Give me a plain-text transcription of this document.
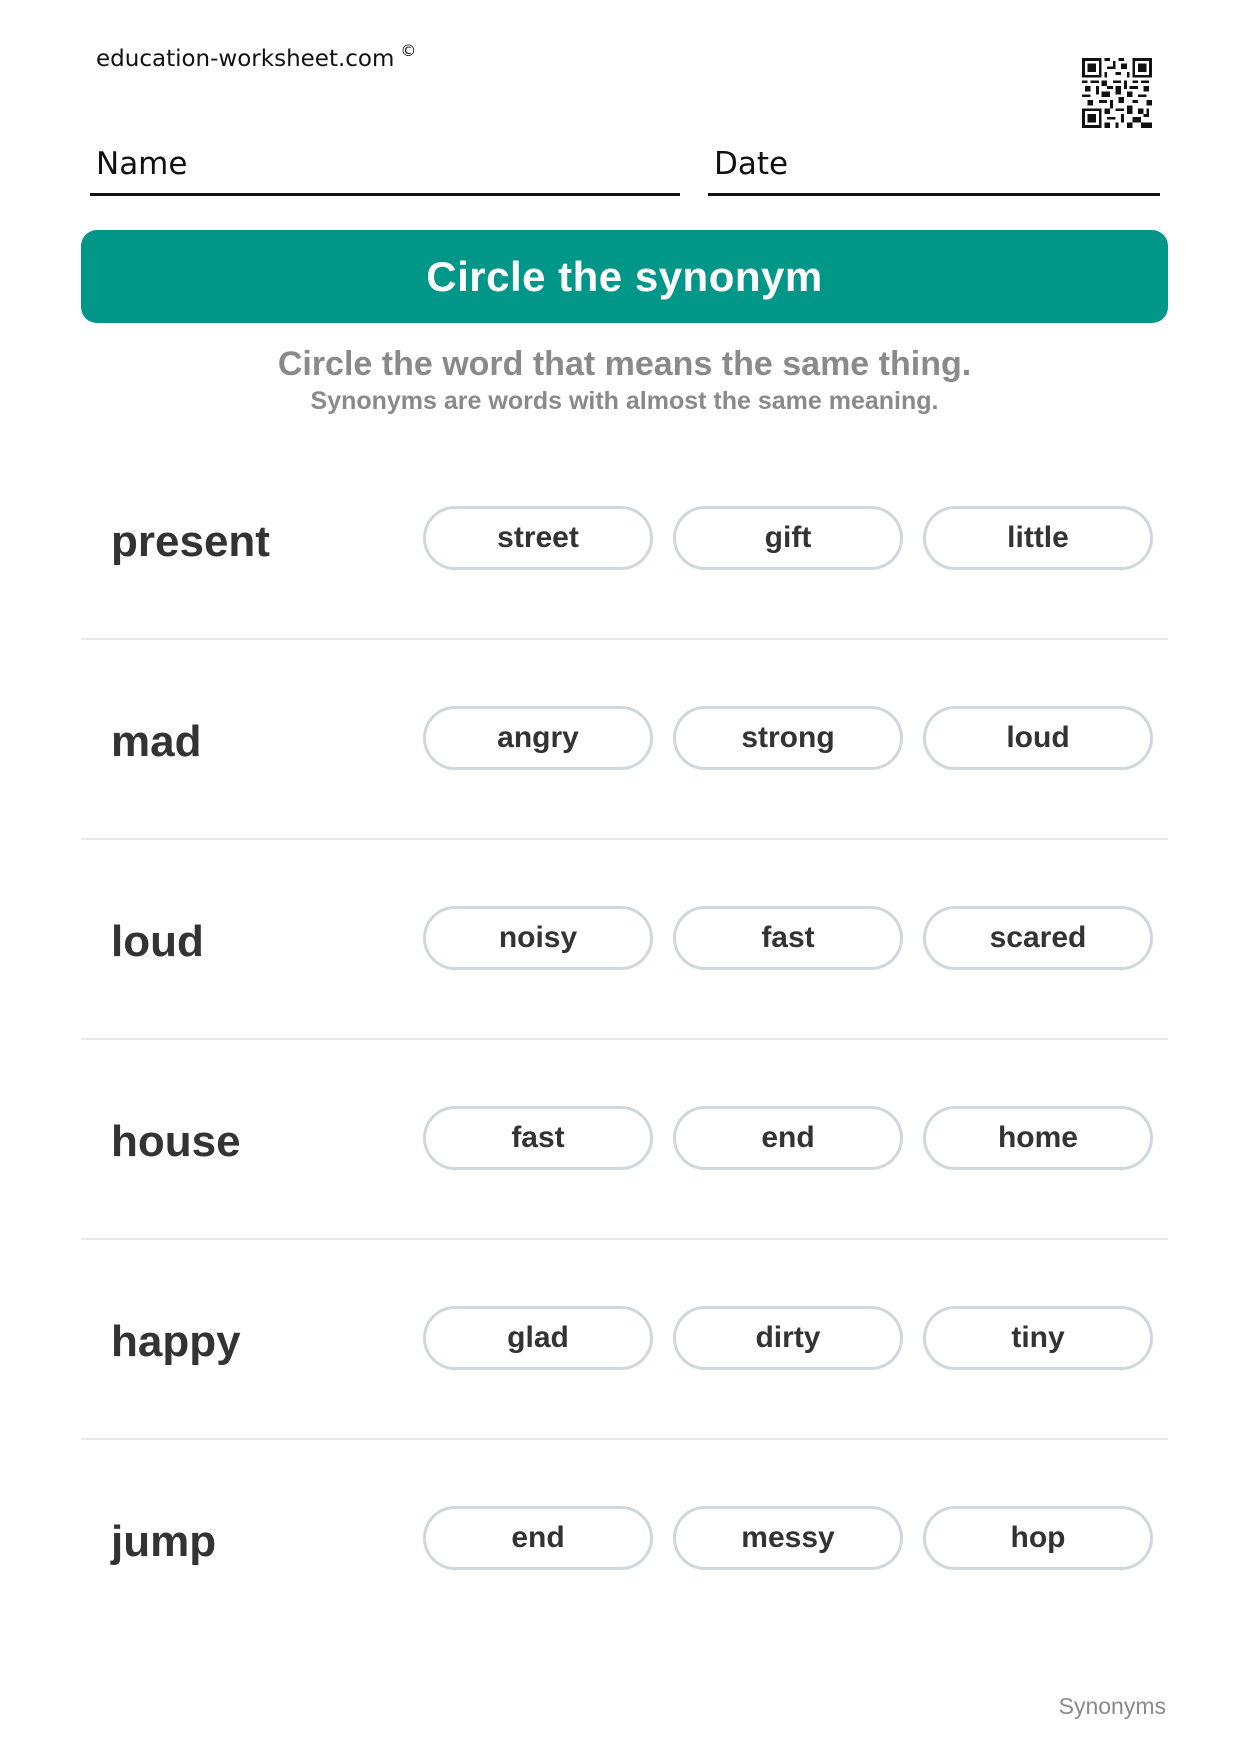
education-worksheet.com ©
Name	Date
Circle the synonym
Circle the word that means the same thing.
Synonyms are words with almost the same meaning.
present	street	gift	little
mad	angry	strong	loud
loud	noisy	fast	scared
house	fast	end	home
happy	glad	dirty	tiny
jump	end	messy	hop
Synonyms
